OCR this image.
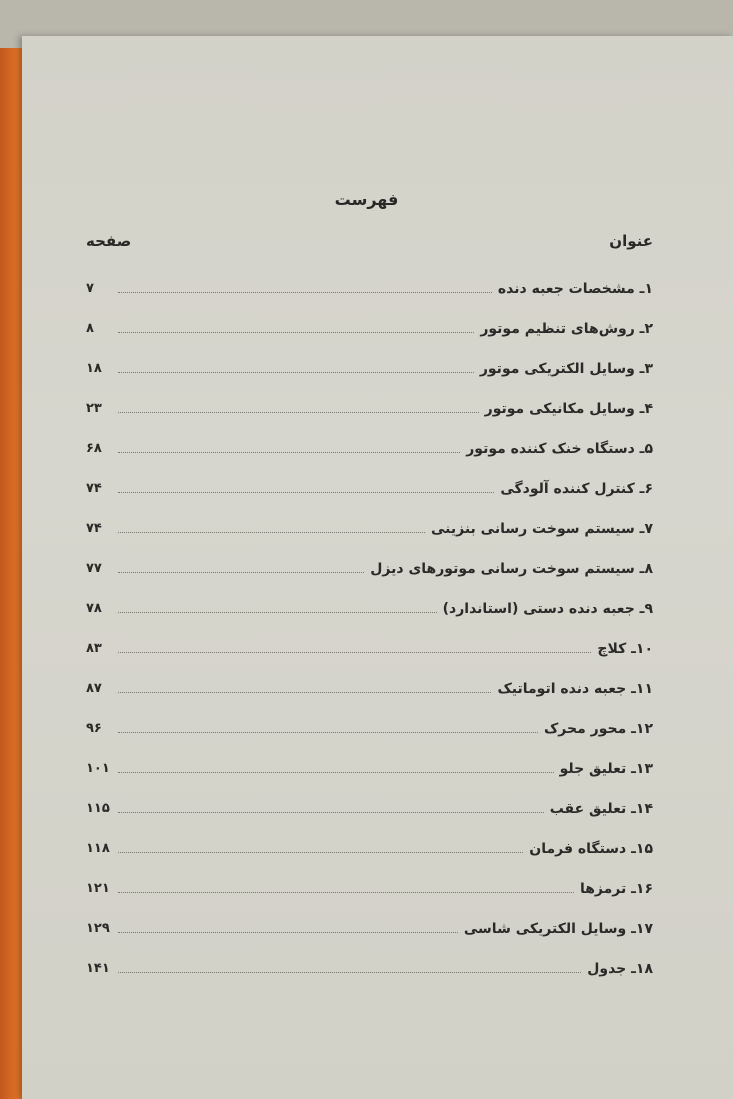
فهرست
عنوان
صفحه
۱ـ مشخصات جعبه دنده
۷
۲ـ روش‌های تنظیم موتور
۸
۳ـ وسایل الکتریکی موتور
۱۸
۴ـ وسایل مکانیکی موتور
۲۳
۵ـ دستگاه خنک کننده موتور
۶۸
۶ـ کنترل کننده آلودگی
۷۴
۷ـ سیستم سوخت رسانی بنزینی
۷۴
۸ـ سیستم سوخت رسانی موتورهای دیزل
۷۷
۹ـ جعبه دنده دستی (استاندارد)
۷۸
۱۰ـ کلاچ
۸۳
۱۱ـ جعبه دنده اتوماتیک
۸۷
۱۲ـ محور محرک
۹۶
۱۳ـ تعلیق جلو
۱۰۱
۱۴ـ تعلیق عقب
۱۱۵
۱۵ـ دستگاه فرمان
۱۱۸
۱۶ـ ترمزها
۱۲۱
۱۷ـ وسایل الکتریکی شاسی
۱۲۹
۱۸ـ جدول
۱۴۱
